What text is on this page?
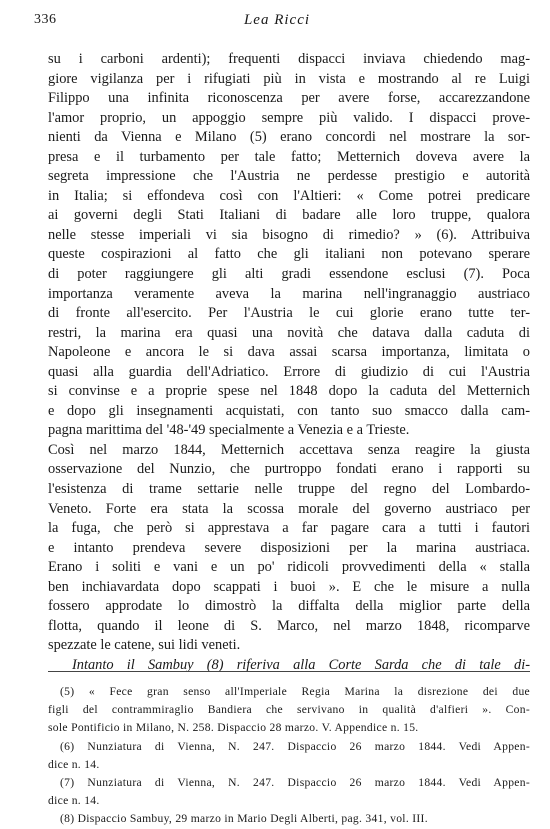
336	Lea Ricci
su i carboni ardenti); frequenti dispacci inviava chiedendo mag-
giore vigilanza per i rifugiati più in vista e mostrando al re Luigi
Filippo una infinita riconoscenza per avere forse, accarezzandone
l'amor proprio, un appoggio sempre più valido. I dispacci prove-
nienti da Vienna e Milano (5) erano concordi nel mostrare la sor-
presa e il turbamento per tale fatto; Metternich doveva avere la
segreta impressione che l'Austria ne perdesse prestigio e autorità
in Italia; si effondeva così con l'Altieri: « Come potrei predicare
ai governi degli Stati Italiani di badare alle loro truppe, qualora
nelle stesse imperiali vi sia bisogno di rimedio? » (6). Attribuiva
queste cospirazioni al fatto che gli italiani non potevano sperare
di poter raggiungere gli alti gradi essendone esclusi (7). Poca
importanza veramente aveva la marina nell'ingranaggio austriaco
di fronte all'esercito. Per l'Austria le cui glorie erano tutte ter-
restri, la marina era quasi una novità che datava dalla caduta di
Napoleone e ancora le si dava assai scarsa importanza, limitata o
quasi alla guardia dell'Adriatico. Errore di giudizio di cui l'Austria
si convinse e a proprie spese nel 1848 dopo la caduta del Metternich
e dopo gli insegnamenti acquistati, con tanto suo smacco dalla cam-
pagna marittima del '48-'49 specialmente a Venezia e a Trieste.
Così nel marzo 1844, Metternich accettava senza reagire la giusta
osservazione del Nunzio, che purtroppo fondati erano i rapporti su
l'esistenza di trame settarie nelle truppe del regno del Lombardo-
Veneto. Forte era stata la scossa morale del governo austriaco per
la fuga, che però si apprestava a far pagare cara a tutti i fautori
e intanto prendeva severe disposizioni per la marina austriaca.
Erano i soliti e vani e un po' ridicoli provvedimenti della « stalla
ben inchiavardata dopo scappati i buoi ». E che le misure a nulla
fossero approdate lo dimostrò la diffalta della miglior parte della
flotta, quando il leone di S. Marco, nel marzo 1848, ricomparve
spezzate le catene, sui lidi veneti.
Intanto il Sambuy (8) riferiva alla Corte Sarda che di tale di-
(5) « Fece gran senso all'Imperiale Regia Marina la disrezione dei due
figli del contrammiraglio Bandiera che servivano in qualità d'alfieri ». Con-
sole Pontificio in Milano, N. 258. Dispaccio 28 marzo. V. Appendice n. 15.
(6) Nunziatura di Vienna, N. 247. Dispaccio 26 marzo 1844. Vedi Appen-
dice n. 14.
(7) Nunziatura di Vienna, N. 247. Dispaccio 26 marzo 1844. Vedi Appen-
dice n. 14.
(8) Dispaccio Sambuy, 29 marzo in Mario Degli Alberti, pag. 341, vol. III.
